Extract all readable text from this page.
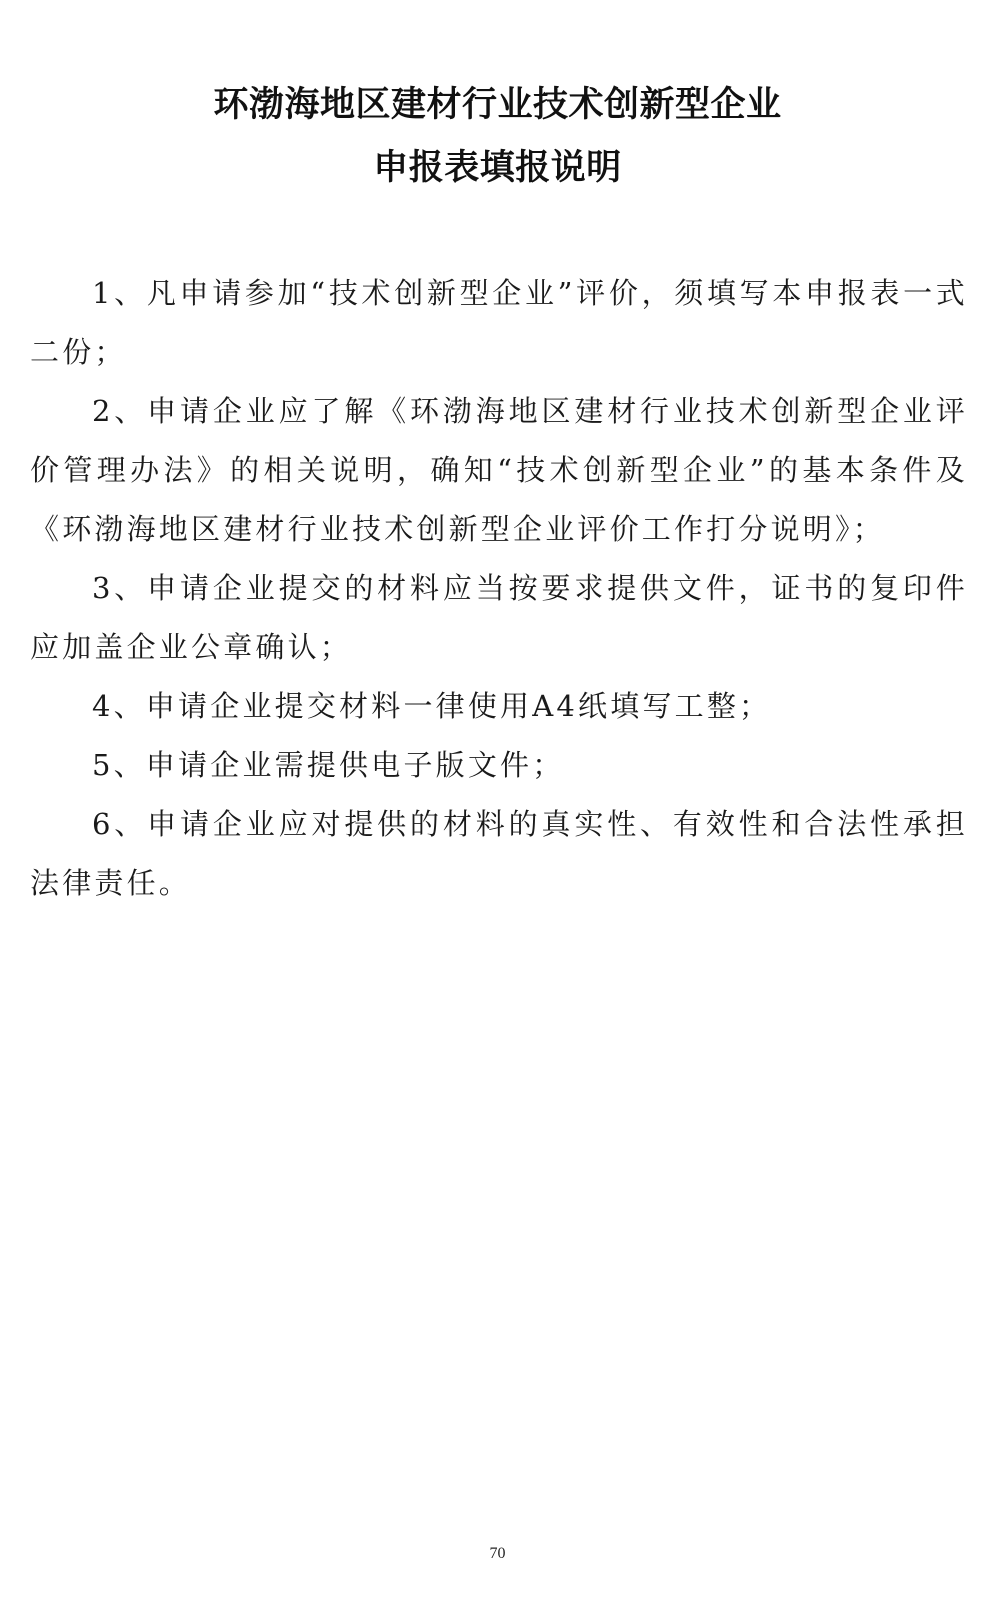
环渤海地区建材行业技术创新型企业
申报表填报说明

1、凡申请参加“技术创新型企业”评价，须填写本申报表一式二份；

2、申请企业应了解《环渤海地区建材行业技术创新型企业评价管理办法》的相关说明，确知“技术创新型企业”的基本条件及《环渤海地区建材行业技术创新型企业评价工作打分说明》；

3、申请企业提交的材料应当按要求提供文件，证书的复印件应加盖企业公章确认；

4、申请企业提交材料一律使用A4纸填写工整；

5、申请企业需提供电子版文件；

6、申请企业应对提供的材料的真实性、有效性和合法性承担法律责任。

70
